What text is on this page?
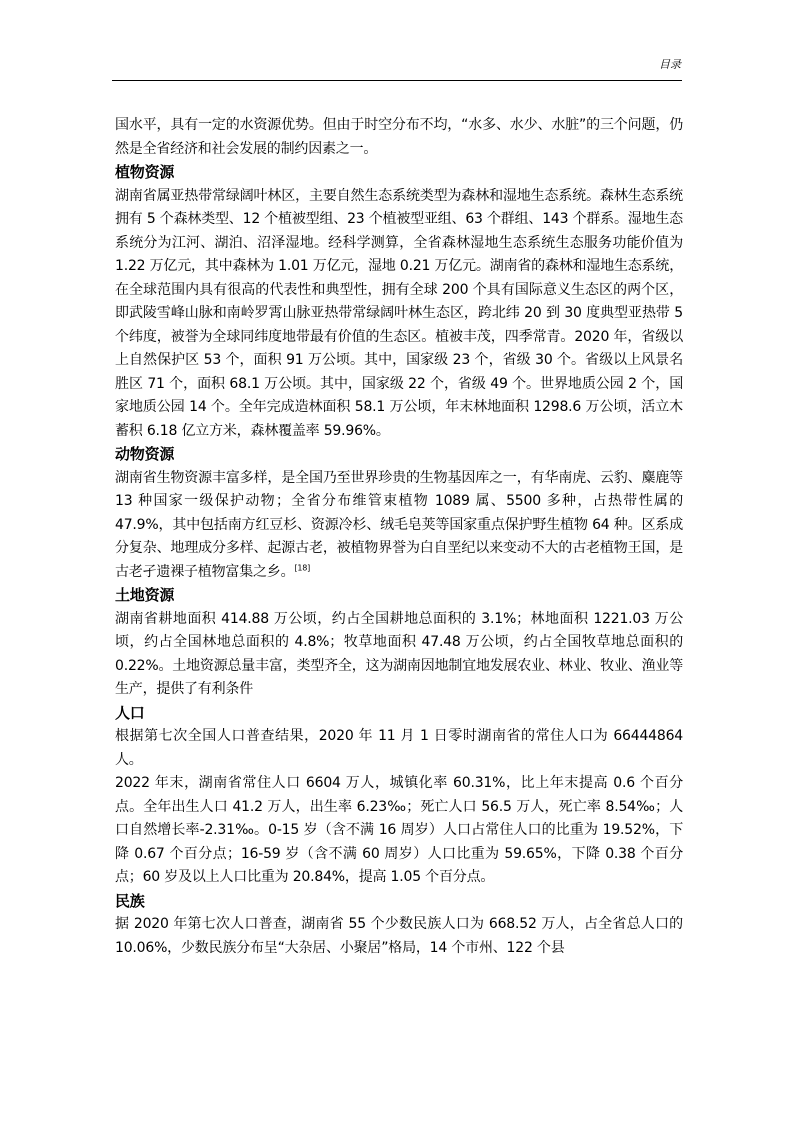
目录

国水平，具有一定的水资源优势。但由于时空分布不均，“水多、水少、水脏”的三个问题，仍然是全省经济和社会发展的制约因素之一。

植物资源

湖南省属亚热带常绿阔叶林区，主要自然生态系统类型为森林和湿地生态系统。森林生态系统拥有 5 个森林类型、12 个植被型组、23 个植被型亚组、63 个群组、143 个群系。湿地生态系统分为江河、湖泊、沼泽湿地。经科学测算，全省森林湿地生态系统生态服务功能价值为 1.22 万亿元，其中森林为 1.01 万亿元，湿地 0.21 万亿元。湖南省的森林和湿地生态系统，在全球范围内具有很高的代表性和典型性，拥有全球 200 个具有国际意义生态区的两个区，即武陵雪峰山脉和南岭罗霄山脉亚热带常绿阔叶林生态区，跨北纬 20 到 30 度典型亚热带 5 个纬度，被誉为全球同纬度地带最有价值的生态区。植被丰茂，四季常青。2020 年，省级以上自然保护区 53 个，面积 91 万公顷。其中，国家级 23 个，省级 30 个。省级以上风景名胜区 71 个，面积 68.1 万公顷。其中，国家级 22 个，省级 49 个。世界地质公园 2 个，国家地质公园 14 个。全年完成造林面积 58.1 万公顷，年末林地面积 1298.6 万公顷，活立木蓄积 6.18 亿立方米，森林覆盖率 59.96%。

动物资源

湖南省生物资源丰富多样，是全国乃至世界珍贵的生物基因库之一，有华南虎、云豹、麋鹿等 13 种国家一级保护动物；全省分布维管束植物 1089 属、5500 多种，占热带性属的 47.9%，其中包括南方红豆杉、资源冷杉、绒毛皂荚等国家重点保护野生植物 64 种。区系成分复杂、地理成分多样、起源古老，被植物界誉为白自垩纪以来变动不大的古老植物王国，是古老孑遗裸子植物富集之乡。[18]

土地资源

湖南省耕地面积 414.88 万公顷，约占全国耕地总面积的 3.1%；林地面积 1221.03 万公顷，约占全国林地总面积的 4.8%；牧草地面积 47.48 万公顷，约占全国牧草地总面积的 0.22%。土地资源总量丰富，类型齐全，这为湖南因地制宜地发展农业、林业、牧业、渔业等生产，提供了有利条件

人口

根据第七次全国人口普查结果，2020 年 11 月 1 日零时湖南省的常住人口为 66444864 人。

2022 年末，湖南省常住人口 6604 万人，城镇化率 60.31%，比上年末提高 0.6 个百分点。全年出生人口 41.2 万人，出生率 6.23‰；死亡人口 56.5 万人，死亡率 8.54‰；人口自然增长率-2.31‰。0-15 岁（含不满 16 周岁）人口占常住人口的比重为 19.52%，下降 0.67 个百分点；16-59 岁（含不满 60 周岁）人口比重为 59.65%，下降 0.38 个百分点；60 岁及以上人口比重为 20.84%，提高 1.05 个百分点。

民族

据 2020 年第七次人口普查，湖南省 55 个少数民族人口为 668.52 万人，占全省总人口的 10.06%，少数民族分布呈“大杂居、小聚居”格局，14 个市州、122 个县
